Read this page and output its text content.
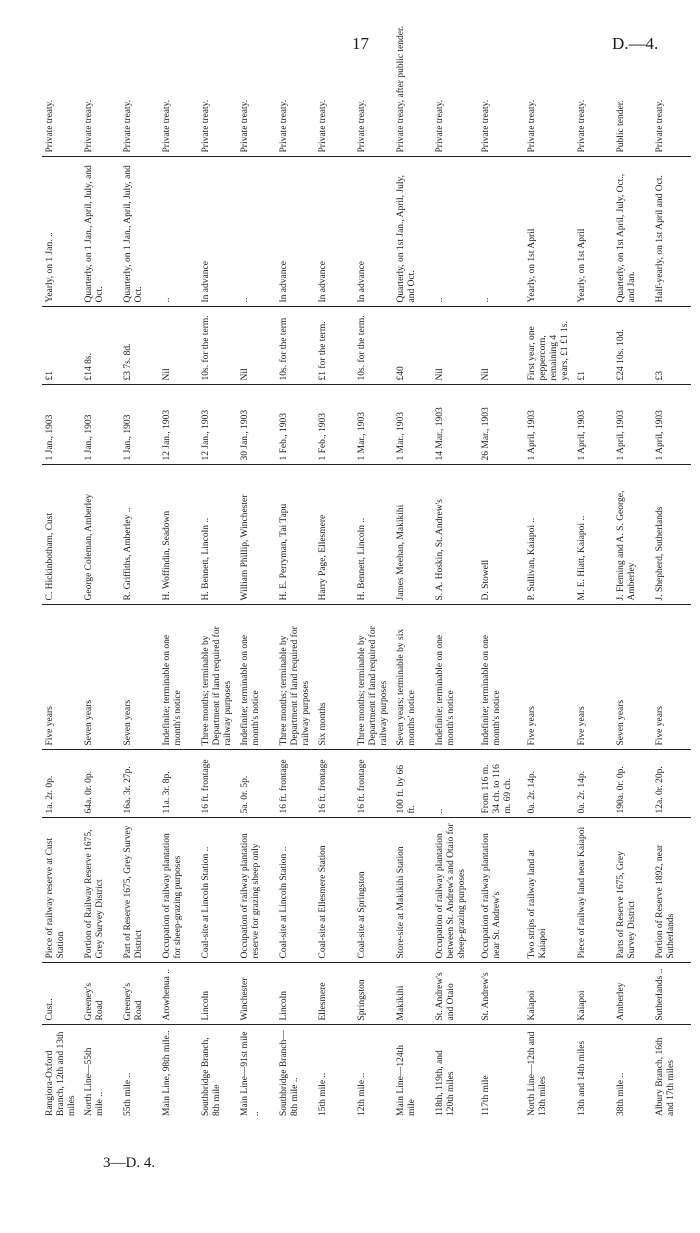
17	D.—4.
Rangiora-Oxford Branch, 12th and 13th miles	Cust..	Piece of railway reserve at Cust Station	1a. 2r. 0p.	Five years	C. Hickinbotham, Cust	1 Jan., 1903	£1	Yearly, on 1 Jan. ..	Private treaty.
North Line—55th mile ..	Greeney's Road	Portion of Railway Reserve 1675, Grey Survey District	64a. 0r. 0p.	Seven years	George Coleman, Amberley	1 Jan., 1903	£14 8s.	Quarterly, on 1 Jan., April, July, and Oct.	Private treaty.
55th mile ..	Greeney's Road	Part of Reserve 1675, Grey Survey District	16a. 3r. 27p.	Seven years	R. Griffiths, Amberley ..	1 Jan., 1903	£3 7s. 8d.	Quarterly, on 1 Jan., April, July, and Oct.	Private treaty.
Main Line, 98th mile..	Arowhenua ..	Occupation of railway plantation for sheep-grazing purposes	11a. 3r. 8p.	Indefinite; terminable on one month's notice	H. Woffindin, Seadown	12 Jan., 1903	Nil	..	Private treaty.
Southbridge Branch, 8th mile	Lincoln	Coal-site at Lincoln Station ..	16 ft. frontage	Three months; terminable by Department if land required for railway purposes	H. Bennett, Lincoln ..	12 Jan., 1903	10s. for the term.	In advance	Private treaty.
Main Line—91st mile ..	Winchester	Occupation of railway plantation reserve for grazing sheep only	5a. 0r. 5p.	Indefinite; terminable on one month's notice	William Phillip, Winchester	30 Jan., 1903	Nil	..	Private treaty.
Southbridge Branch—8th mile ..	Lincoln	Coal-site at Lincoln Station ..	16 ft. frontage	Three months; terminable by Department if land required for railway purposes	H. E. Perryman, Tai Tapu	1 Feb., 1903	10s. for the term	In advance	Private treaty.
15th mile ..	Ellesmere	Coal-site at Ellesmere Station	16 ft. frontage	Six months	Harry Page, Ellesmere	1 Feb., 1903	£1 for the term.	In advance	Private treaty.
12th mile ..	Springston	Coal-site at Springston	16 ft. frontage	Three months; terminable by Department if land required for railway purposes	H. Bennett, Lincoln ..	1 Mar., 1903	10s. for the term.	In advance	Private treaty.
Main Line—124th mile	Makikihi	Store-site at Makikihi Station	100 ft. by 66 ft.	Seven years; terminable by six months' notice	James Meehan, Makikihi	1 Mar., 1903	£40	Quarterly, on 1st Jan., April, July, and Oct.	Private treaty, after public tender.
118th, 119th, and 120th miles	St. Andrew's and Otaio	Occupation of railway plantation between St. Andrew's and Otaio for sheep-grazing purposes	..	Indefinite; terminable on one month's notice	S. A. Hoskin, St. Andrew's	14 Mar., 1903	Nil	..	Private treaty.
117th mile	St. Andrew's	Occupation of railway plantation near St. Andrew's	From 116 m. 34 ch. to 116 m. 69 ch.	Indefinite; terminable on one month's notice	D. Stowell	26 Mar., 1903	Nil	..	Private treaty.
North Line—12th and 13th miles	Kaiapoi	Two strips of railway land at Kaiapoi	0a. 2r. 14p.	Five years	P. Sullivan, Kaiapoi ..	1 April, 1903	First year, one peppercorn, remaining 4 years, £1 £1 1s.	Yearly, on 1st April	Private treaty.
13th and 14th miles	Kaiapoi	Piece of railway land near Kaiapoi	0a. 2r. 14p.	Five years	M. E. Hiatt, Kaiapoi ..	1 April, 1903	£1	Yearly, on 1st April	Private treaty.
38th mile ..	Amberley	Parts of Reserve 1675, Grey Survey District	190a. 0r. 0p.	Seven years	J. Fleming and A. S. George, Amberley	1 April, 1903	£24 10s. 10d.	Quarterly, on 1st April, July, Oct., and Jan.	Public tender.
Albury Branch, 16th and 17th miles	Sutherlands ..	Portion of Reserve 1892, near Sutherlands	12a. 0r. 20p.	Five years	J. Shepherd, Sutherlands	1 April, 1903	£3	Half-yearly, on 1st April and Oct.	Private treaty.
3—D. 4.
